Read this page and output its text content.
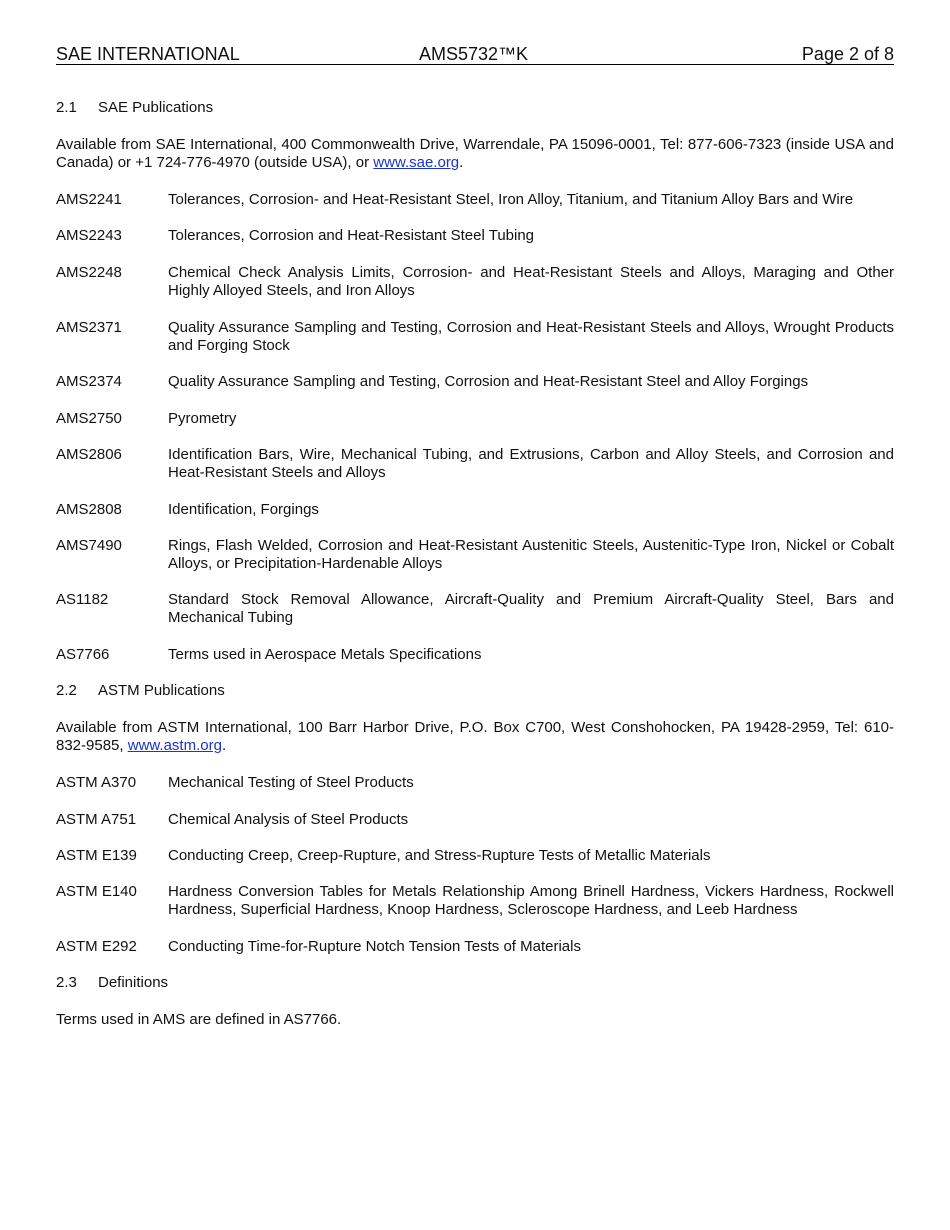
SAE INTERNATIONAL	AMS5732™K	Page 2 of 8
2.1	SAE Publications
Available from SAE International, 400 Commonwealth Drive, Warrendale, PA 15096-0001, Tel: 877-606-7323 (inside USA and Canada) or +1 724-776-4970 (outside USA), or www.sae.org.
AMS2241	Tolerances, Corrosion- and Heat-Resistant Steel, Iron Alloy, Titanium, and Titanium Alloy Bars and Wire
AMS2243	Tolerances, Corrosion and Heat-Resistant Steel Tubing
AMS2248	Chemical Check Analysis Limits, Corrosion- and Heat-Resistant Steels and Alloys, Maraging and Other Highly Alloyed Steels, and Iron Alloys
AMS2371	Quality Assurance Sampling and Testing, Corrosion and Heat-Resistant Steels and Alloys, Wrought Products and Forging Stock
AMS2374	Quality Assurance Sampling and Testing, Corrosion and Heat-Resistant Steel and Alloy Forgings
AMS2750	Pyrometry
AMS2806	Identification Bars, Wire, Mechanical Tubing, and Extrusions, Carbon and Alloy Steels, and Corrosion and Heat-Resistant Steels and Alloys
AMS2808	Identification, Forgings
AMS7490	Rings, Flash Welded, Corrosion and Heat-Resistant Austenitic Steels, Austenitic-Type Iron, Nickel or Cobalt Alloys, or Precipitation-Hardenable Alloys
AS1182	Standard Stock Removal Allowance, Aircraft-Quality and Premium Aircraft-Quality Steel, Bars and Mechanical Tubing
AS7766	Terms used in Aerospace Metals Specifications
2.2	ASTM Publications
Available from ASTM International, 100 Barr Harbor Drive, P.O. Box C700, West Conshohocken, PA 19428-2959, Tel: 610-832-9585, www.astm.org.
ASTM A370	Mechanical Testing of Steel Products
ASTM A751	Chemical Analysis of Steel Products
ASTM E139	Conducting Creep, Creep-Rupture, and Stress-Rupture Tests of Metallic Materials
ASTM E140	Hardness Conversion Tables for Metals Relationship Among Brinell Hardness, Vickers Hardness, Rockwell Hardness, Superficial Hardness, Knoop Hardness, Scleroscope Hardness, and Leeb Hardness
ASTM E292	Conducting Time-for-Rupture Notch Tension Tests of Materials
2.3	Definitions
Terms used in AMS are defined in AS7766.
